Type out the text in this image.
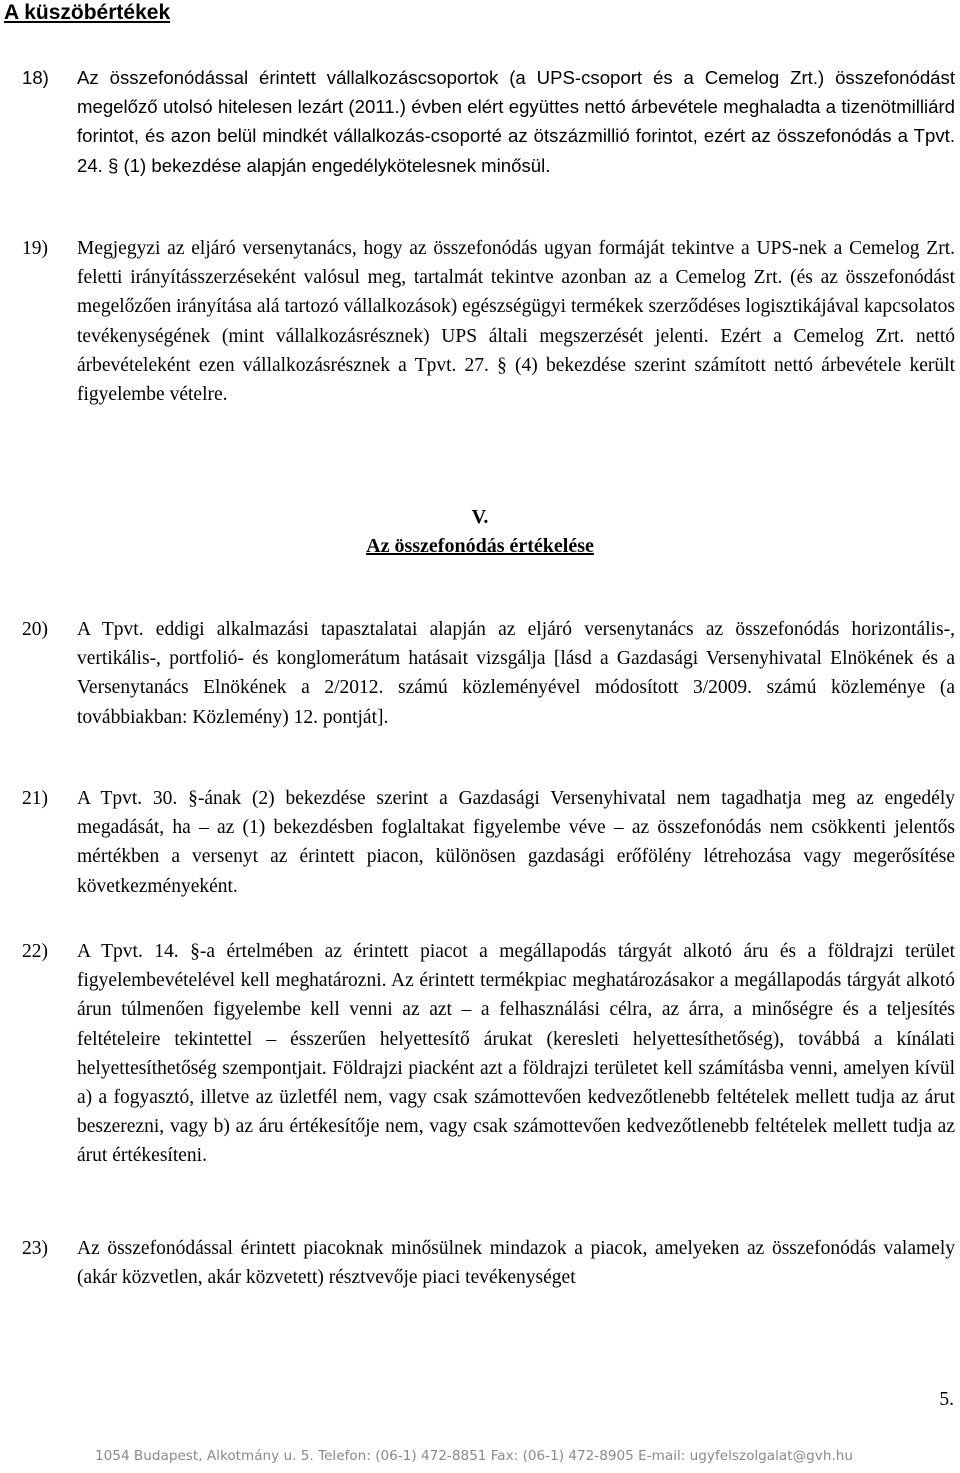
A küszöbértékek
18)	Az összefonódással érintett vállalkozáscsoportok (a UPS-csoport és a Cemelog Zrt.) összefonódást megelőző utolsó hitelesen lezárt (2011.) évben elért együttes nettó árbevétele meghaladta a tizenötmilliárd forintot, és azon belül mindkét vállalkozás-csoporté az ötszázmillió forintot, ezért az összefonódás a Tpvt. 24. § (1) bekezdése alapján engedélykötelesnek minősül.
19)	Megjegyzi az eljáró versenytanács, hogy az összefonódás ugyan formáját tekintve a UPS-nek a Cemelog Zrt. feletti irányításszerzéseként valósul meg, tartalmát tekintve azonban az a Cemelog Zrt. (és az összefonódást megelőzően irányítása alá tartozó vállalkozások) egészségügyi termékek szerződéses logisztikájával kapcsolatos tevékenységének (mint vállalkozásrésznek) UPS általi megszerzését jelenti. Ezért a Cemelog Zrt. nettó árbevételeként ezen vállalkozásrésznek a Tpvt. 27. § (4) bekezdése szerint számított nettó árbevétele került figyelembe vételre.
V.
Az összefonódás értékelése
20)	A Tpvt. eddigi alkalmazási tapasztalatai alapján az eljáró versenytanács az összefonódás horizontális-, vertikális-, portfolió- és konglomerátum hatásait vizsgálja [lásd a Gazdasági Versenyhivatal Elnökének és a Versenytanács Elnökének a 2/2012. számú közleményével módosított 3/2009. számú közleménye (a továbbiakban: Közlemény) 12. pontját].
21)	A Tpvt. 30. §-ának (2) bekezdése szerint a Gazdasági Versenyhivatal nem tagadhatja meg az engedély megadását, ha – az (1) bekezdésben foglaltakat figyelembe véve – az összefonódás nem csökkenti jelentős mértékben a versenyt az érintett piacon, különösen gazdasági erőfölény létrehozása vagy megerősítése következményeként.
22)	A Tpvt. 14. §-a értelmében az érintett piacot a megállapodás tárgyát alkotó áru és a földrajzi terület figyelembevételével kell meghatározni. Az érintett termékpiac meghatározásakor a megállapodás tárgyát alkotó árun túlmenően figyelembe kell venni az azt – a felhasználási célra, az árra, a minőségre és a teljesítés feltételeire tekintettel – ésszerűen helyettesítő árukat (keresleti helyettesíthetőség), továbbá a kínálati helyettesíthetőség szempontjait. Földrajzi piacként azt a földrajzi területet kell számításba venni, amelyen kívül a) a fogyasztó, illetve az üzletfél nem, vagy csak számottevően kedvezőtlenebb feltételek mellett tudja az árut beszerezni, vagy b) az áru értékesítője nem, vagy csak számottevően kedvezőtlenebb feltételek mellett tudja az árut értékesíteni.
23)	Az összefonódással érintett piacoknak minősülnek mindazok a piacok, amelyeken az összefonódás valamely (akár közvetlen, akár közvetett) résztvevője piaci tevékenységet
5.
1054 Budapest, Alkotmány u. 5. Telefon: (06-1) 472-8851 Fax: (06-1) 472-8905 E-mail: ugyfelszolgalat@gvh.hu
